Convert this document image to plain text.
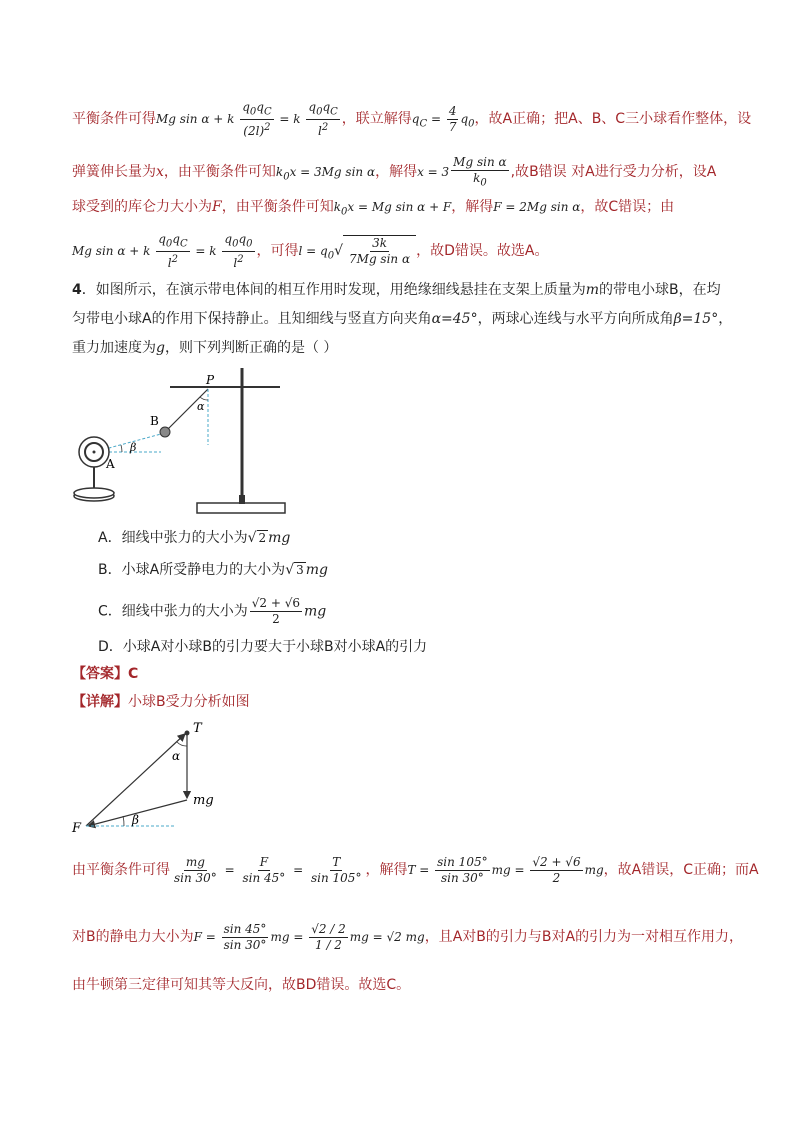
平衡条件可得Mg sin α + k $\frac{q_0q_C}{(2l)^2} = k \frac{q_0q_C}{l^2}$ ，联立解得$q_C = \frac{4}{7} q_0$，故A正确；把A、B、C三小球看作整体，设
弹簧伸长量为x，由平衡条件可知$k_0x = 3Mg$ sin α，解得$x = 3 \frac{\text{Mg sin α}}{k_0}$ ,故B错误 对A进行受力分析，设A
球受到的库仑力大小为F，由平衡条件可知$k_0x = Mg$ sin α + F，解得F = 2Mg sin α，故C错误；由
Mg sin α + k $\frac{q_0q_C}{l^2} = k \frac{q_0q_0}{l^2}$ ，可得$l = q_0√ \frac{3k}{\text{7Mg sin α}}$ ，故D错误。故选A。
4．如图所示，在演示带电体间的相互作用时发现，用绝缘细线悬挂在支架上质量为m的带电小球B，在均
匀带电小球A的作用下保持静止。且知细线与竖直方向夹角α=45°，两球心连线与水平方向所成角β=15°，
重力加速度为g，则下列判断正确的是（ ）
P
α
B
β
A
A．细线中张力的大小为√ 2 mg
B．小球A所受静电力的大小为√ 3 mg
C．细线中张力的大小为 $\frac{√2 + √6}{2}$ mg
D．小球A对小球B的引力要大于小球B对小球A的引力
【答案】C
【详解】小球B受力分析如图
T
α
mg
F
β
由平衡条件可得 $\frac{mg}{\sin 30^\circ} = \frac{F}{\sin 45^\circ} = \frac{T}{\sin 105^\circ}$ ，解得$T = \frac{\sin 105^\circ}{\sin 30^\circ}$ mg = $\frac{√2 + √6}{2}$ mg，故A错误，C正确；而A
对B的静电力大小为$F = \frac{\sin 45^\circ}{\sin 30^\circ}$ mg = $\frac{√2 / 2}{1 / 2}$ mg = √2 mg，且A对B的引力与B对A的引力为一对相互作用力，
由牛顿第三定律可知其等大反向，故BD错误。故选C。
